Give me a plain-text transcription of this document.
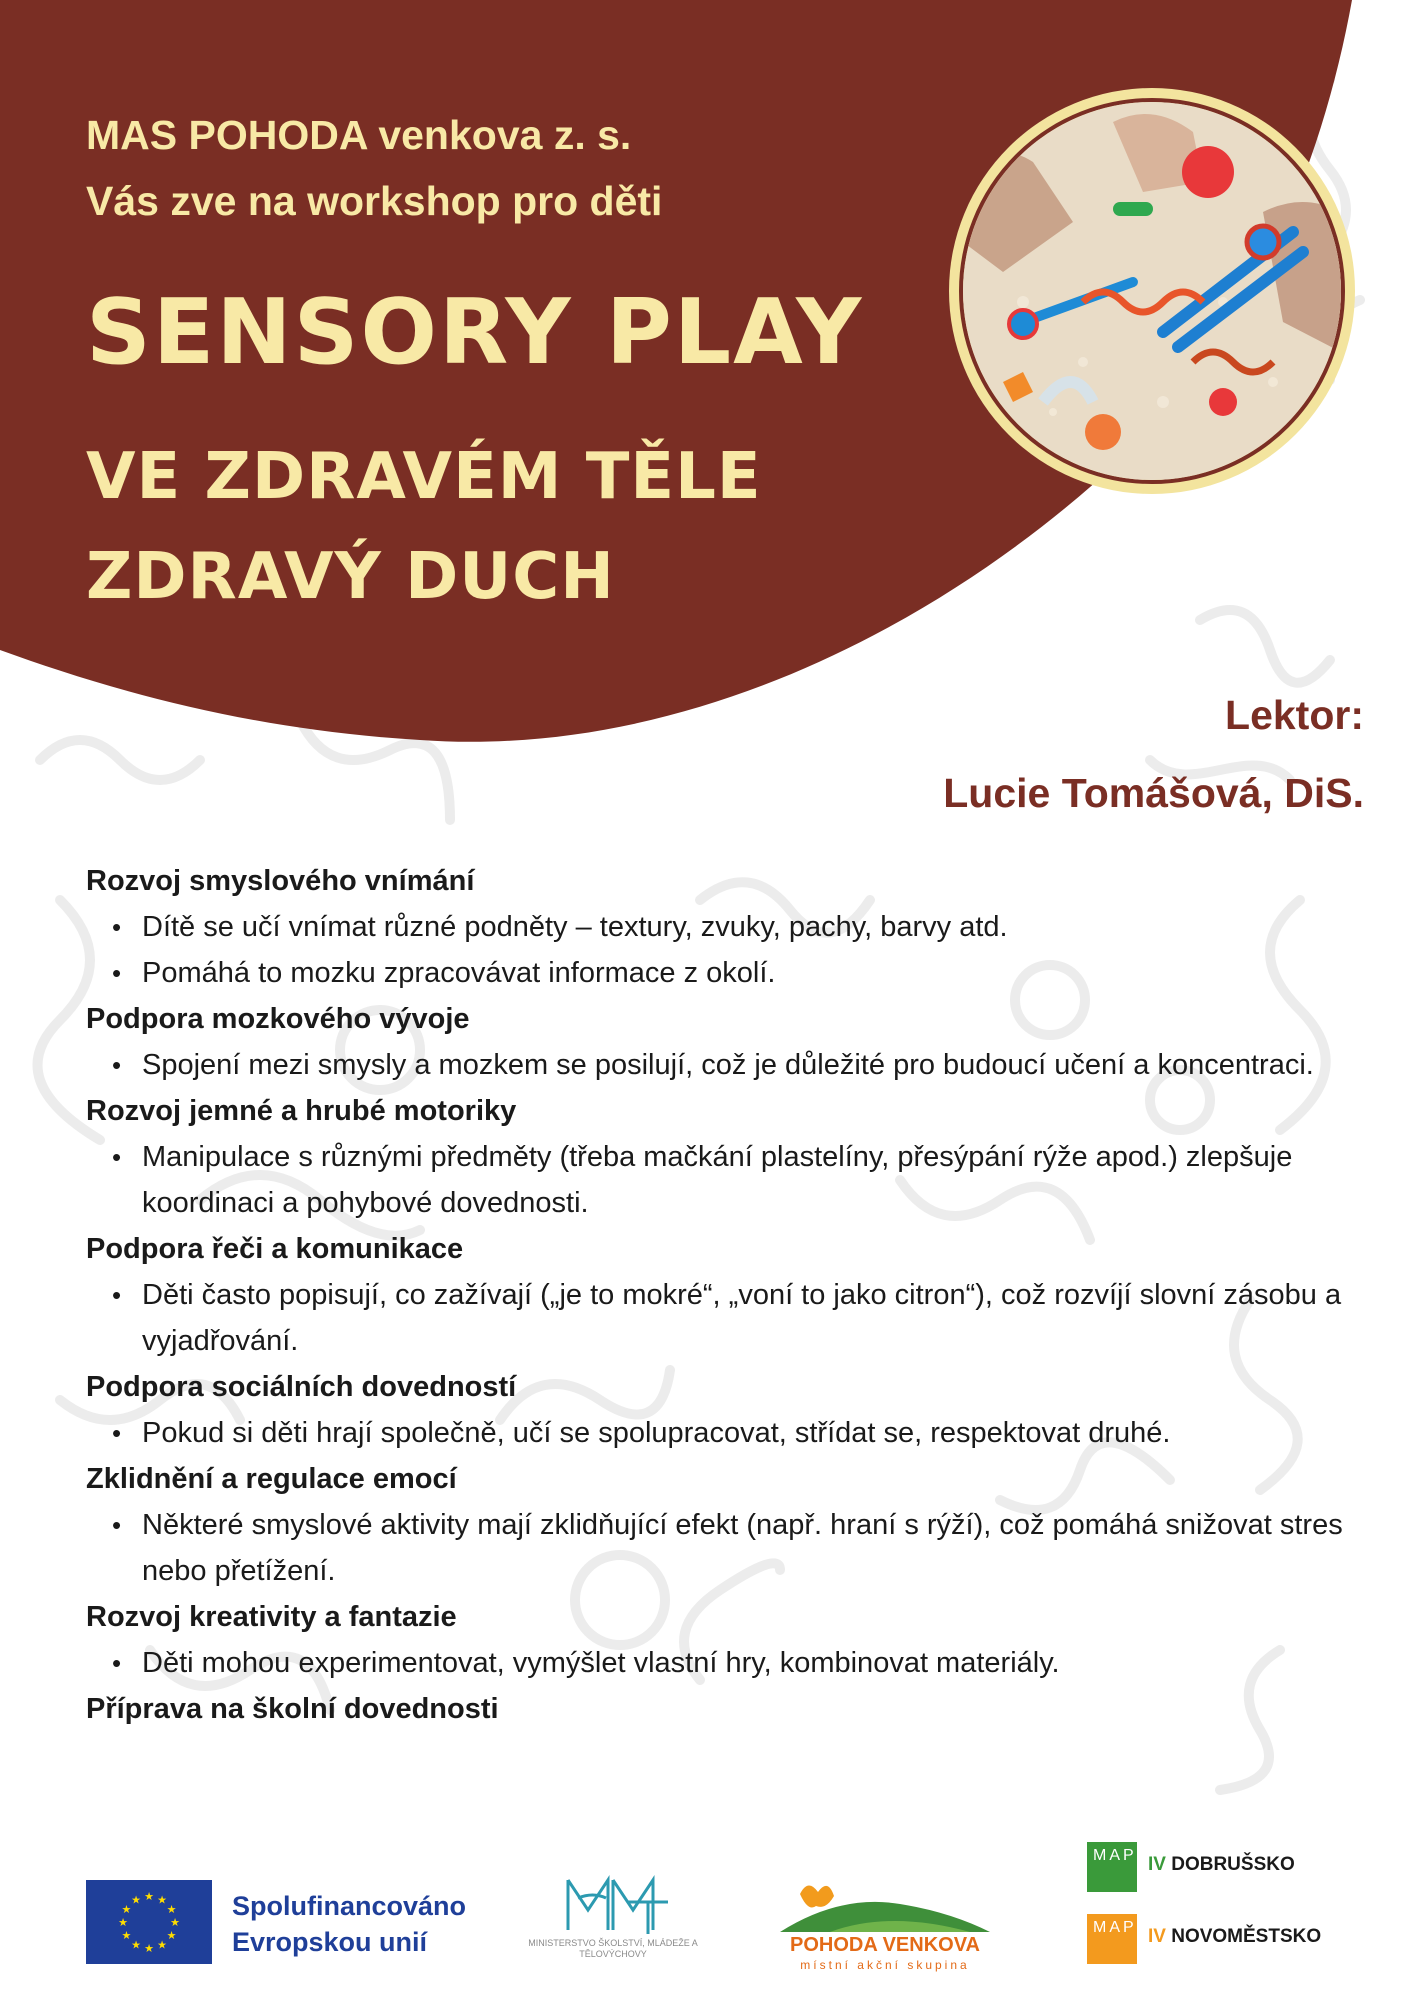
MAS POHODA venkova z. s.

Vás zve na workshop pro děti

SENSORY PLAY

VE ZDRAVÉM TĚLE

ZDRAVÝ DUCH

Lektor:

Lucie Tomášová, DiS.

Rozvoj smyslového vnímání

• Dítě se učí vnímat různé podněty – textury, zvuky, pachy, barvy atd.
• Pomáhá to mozku zpracovávat informace z okolí.

Podpora mozkového vývoje

• Spojení mezi smysly a mozkem se posilují, což je důležité pro budoucí učení a koncentraci.

Rozvoj jemné a hrubé motoriky

• Manipulace s různými předměty (třeba mačkání plastelíny, přesýpání rýže apod.) zlepšuje koordinaci a pohybové dovednosti.

Podpora řeči a komunikace

• Děti často popisují, co zažívají („je to mokré“, „voní to jako citron“), což rozvíjí slovní zásobu a vyjadřování.

Podpora sociálních dovedností

• Pokud si děti hrají společně, učí se spolupracovat, střídat se, respektovat druhé.

Zklidnění a regulace emocí

• Některé smyslové aktivity mají zklidňující efekt (např. hraní s rýží), což pomáhá snižovat stres nebo přetížení.

Rozvoj kreativity a fantazie

• Děti mohou experimentovat, vymýšlet vlastní hry, kombinovat materiály.

Příprava na školní dovednosti

★
★
★
★
★
★
★
★
★ ★ ★
★ Spolufinancováno
Evropskou unií	MINISTERSTVO ŠKOLSTVÍ, MLÁDEŽE A TĚLOVÝCHOVY	POHODA VENKOVA
místní akční skupina
MAP IV DOBRUŠSKO
MAP IV NOVOMĚSTSKO
